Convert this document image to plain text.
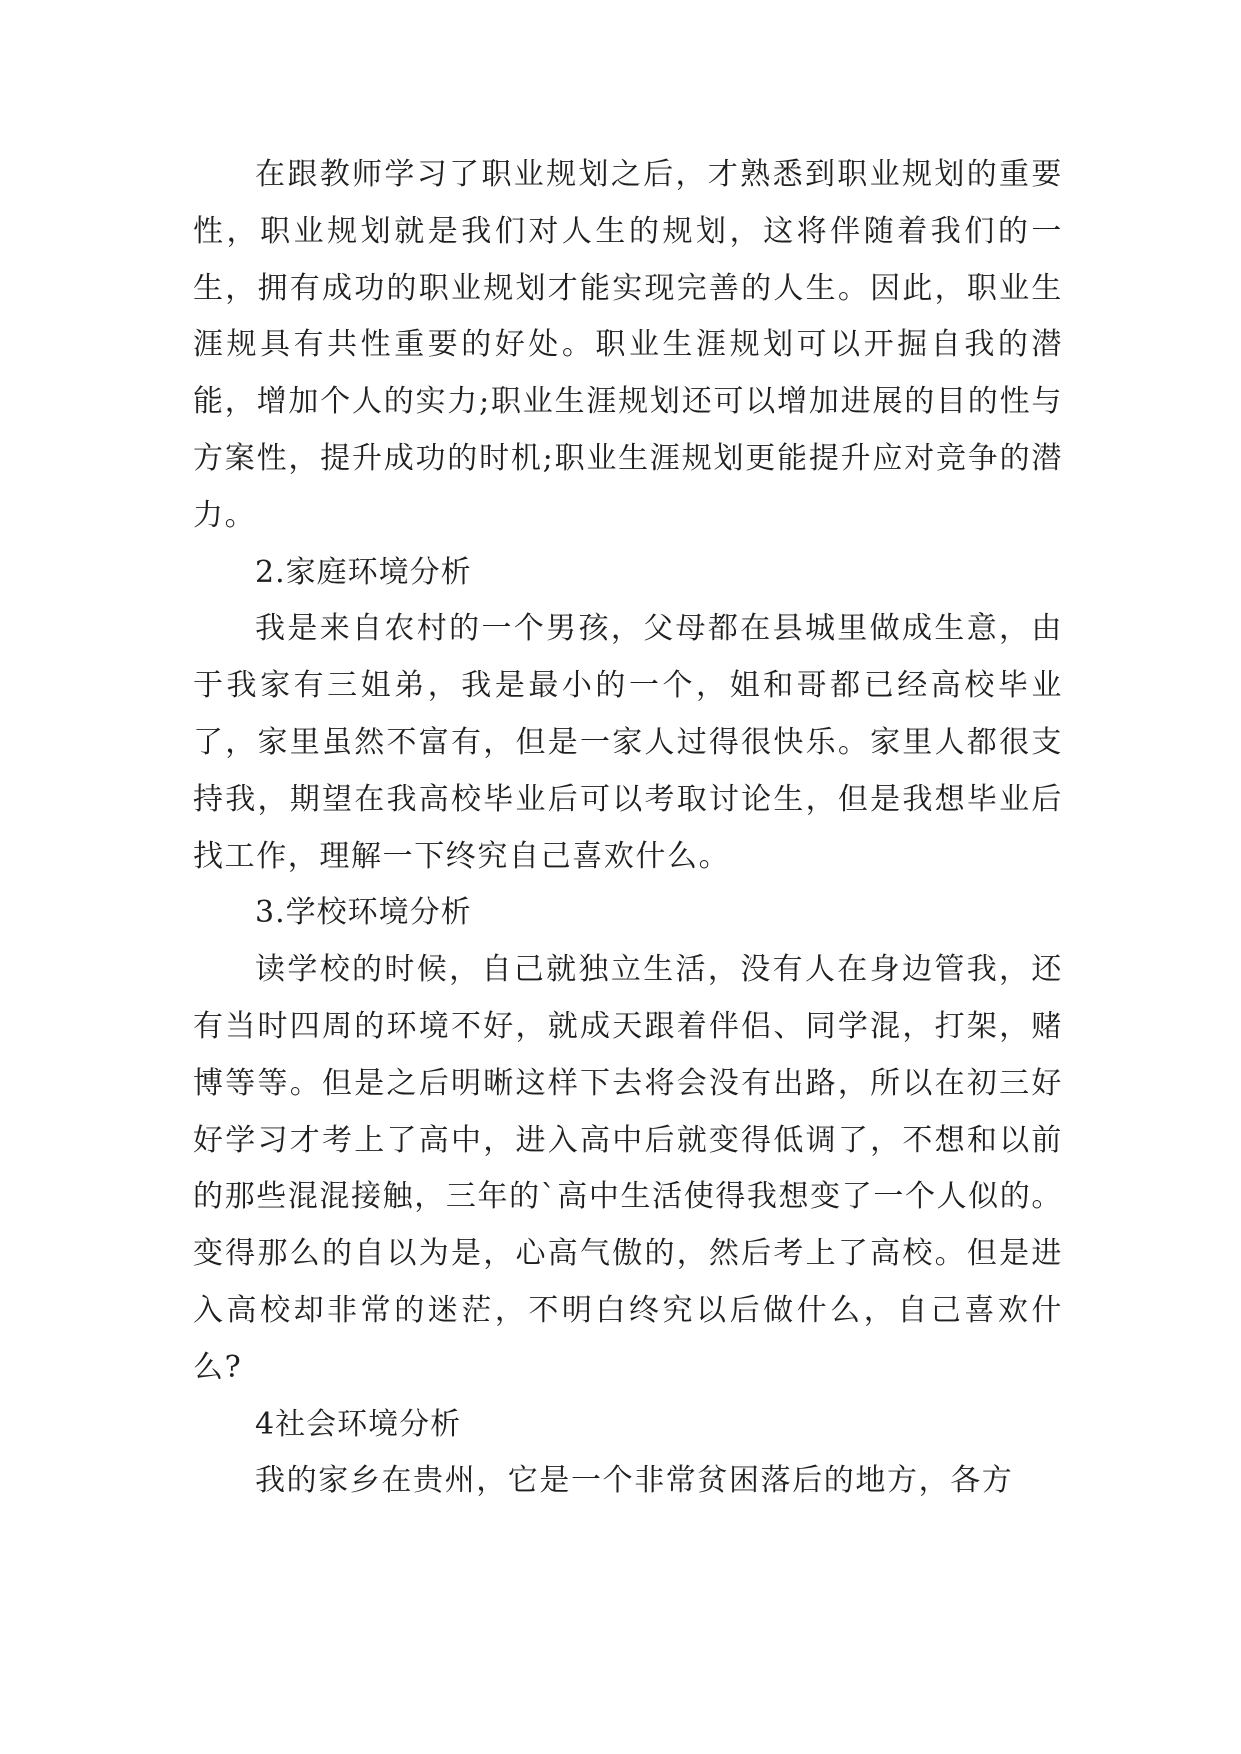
在跟教师学习了职业规划之后，才熟悉到职业规划的重要性，职业规划就是我们对人生的规划，这将伴随着我们的一生，拥有成功的职业规划才能实现完善的人生。因此，职业生涯规具有共性重要的好处。职业生涯规划可以开掘自我的潜能，增加个人的实力;职业生涯规划还可以增加进展的目的性与方案性，提升成功的时机;职业生涯规划更能提升应对竞争的潜力。

2.家庭环境分析

我是来自农村的一个男孩，父母都在县城里做成生意，由于我家有三姐弟，我是最小的一个，姐和哥都已经高校毕业了，家里虽然不富有，但是一家人过得很快乐。家里人都很支持我，期望在我高校毕业后可以考取讨论生，但是我想毕业后找工作，理解一下终究自己喜欢什么。

3.学校环境分析

读学校的时候，自己就独立生活，没有人在身边管我，还有当时四周的环境不好，就成天跟着伴侣、同学混，打架，赌博等等。但是之后明晰这样下去将会没有出路，所以在初三好好学习才考上了高中，进入高中后就变得低调了，不想和以前的那些混混接触，三年的`高中生活使得我想变了一个人似的。变得那么的自以为是，心高气傲的，然后考上了高校。但是进入高校却非常的迷茫，不明白终究以后做什么，自己喜欢什么?

4社会环境分析

我的家乡在贵州，它是一个非常贫困落后的地方，各方
